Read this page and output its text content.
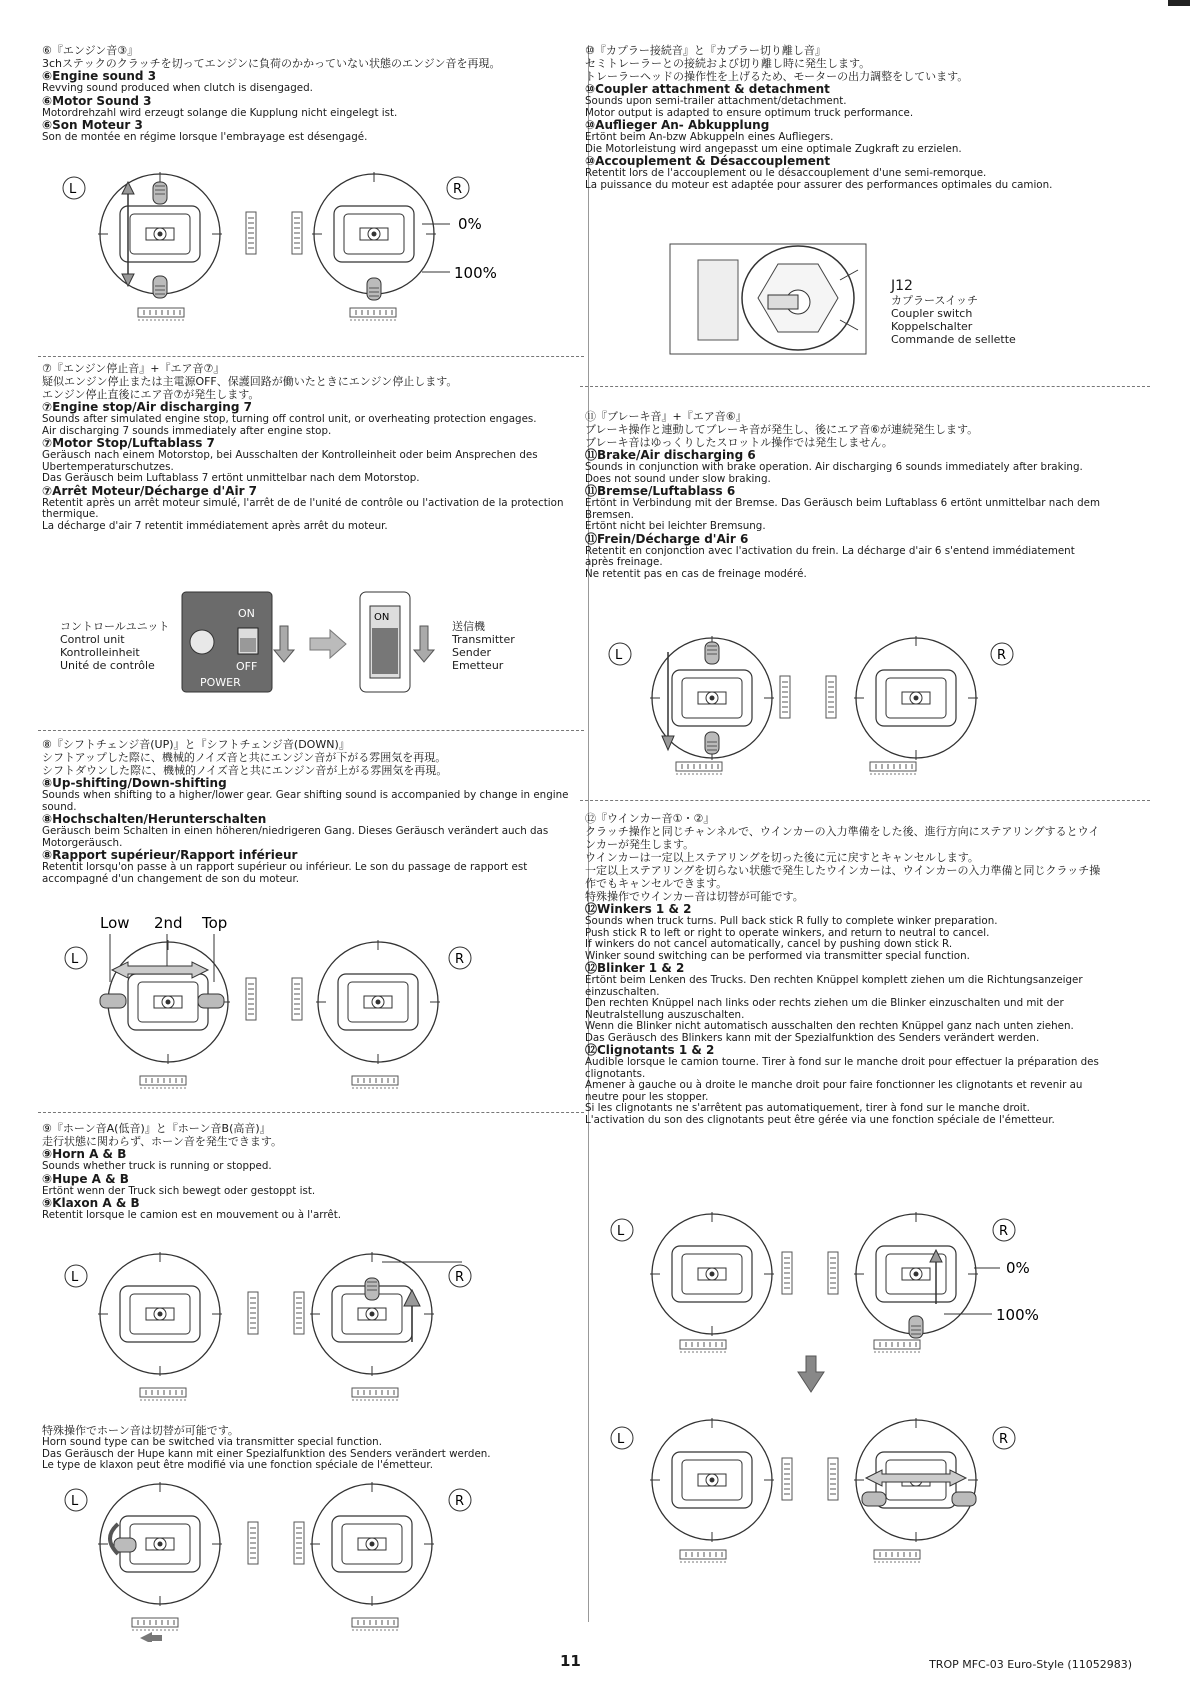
⑥『エンジン音③』

3chステックのクラッチを切ってエンジンに負荷のかかっていない状態のエンジン音を再現。

⑥Engine sound 3

Revving sound produced when clutch is disengaged.

⑥Motor Sound 3

Motordrehzahl wird erzeugt solange die Kupplung nicht eingelegt ist.

⑥Son Moteur 3

Son de montée en régime lorsque l'embrayage est désengagé.

L	R
0%
100%

⑦『エンジン停止音』+『エア音⑦』

疑似エンジン停止または主電源OFF、保護回路が働いたときにエンジン停止します。

エンジン停止直後にエア音⑦が発生します。

⑦Engine stop/Air discharging 7

Sounds after simulated engine stop, turning off control unit, or overheating protection engages.

Air discharging 7 sounds immediately after engine stop.

⑦Motor Stop/Luftablass 7

Geräusch nach einem Motorstop, bei Ausschalten der Kontrolleinheit oder beim Ansprechen des Ubertemperaturschutzes.

Das Geräusch beim Luftablass 7 ertönt unmittelbar nach dem Motorstop.

⑦Arrêt Moteur/Décharge d'Air 7

Retentit après un arrêt moteur simulé, l'arrêt de de l'unité de contrôle ou l'activation de la protection thermique.

La décharge d'air 7 retentit immédiatement après arrêt du moteur.

コントロールユニット
Control unit
Kontrolleinheit
Unité de contrôle
ON
OFF
POWER
ON
送信機
Transmitter
Sender
Emetteur

⑧『シフトチェンジ音(UP)』と『シフトチェンジ音(DOWN)』

シフトアップした際に、機械的ノイズ音と共にエンジン音が下がる雰囲気を再現。

シフトダウンした際に、機械的ノイズ音と共にエンジン音が上がる雰囲気を再現。

⑧Up-shifting/Down-shifting

Sounds when shifting to a higher/lower gear. Gear shifting sound is accompanied by change in engine sound.

⑧Hochschalten/Herunterschalten

Geräusch beim Schalten in einen höheren/niedrigeren Gang. Dieses Geräusch verändert auch das Motorgeräusch.

⑧Rapport supérieur/Rapport inférieur

Retentit lorsqu'on passe à un rapport supérieur ou inférieur. Le son du passage de rapport est accompagné d'un changement de son du moteur.

Low 2nd Top
L	R

⑨『ホーン音A(低音)』と『ホーン音B(高音)』

走行状態に関わらず、ホーン音を発生できます。

⑨Horn A & B

Sounds whether truck is running or stopped.

⑨Hupe A & B

Ertönt wenn der Truck sich bewegt oder gestoppt ist.

⑨Klaxon A & B

Retentit lorsque le camion est en mouvement ou à l'arrêt.

L	R

特殊操作でホーン音は切替が可能です。

Horn sound type can be switched via transmitter special function.

Das Geräusch der Hupe kann mit einer Spezialfunktion des Senders verändert werden.

Le type de klaxon peut être modifié via une fonction spéciale de l'émetteur.

L	R

⑩『カプラー接続音』と『カプラー切り離し音』

セミトレーラーとの接続および切り離し時に発生します。

トレーラーヘッドの操作性を上げるため、モーターの出力調整をしています。

⑩Coupler attachment & detachment

Sounds upon semi-trailer attachment/detachment.

Motor output is adapted to ensure optimum truck performance.

⑩Auflieger An- Abkupplung

Ertönt beim An-bzw Abkuppeln eines Aufliegers.

Die Motorleistung wird angepasst um eine optimale Zugkraft zu erzielen.

⑩Accouplement & Désaccouplement

Retentit lors de l'accouplement ou le désaccouplement d'une semi-remorque.

La puissance du moteur est adaptée pour assurer des performances optimales du camion.

J12
カプラースイッチ
Coupler switch
Koppelschalter
Commande de sellette

⑪『ブレーキ音』+『エア音⑥』

ブレーキ操作と連動してブレーキ音が発生し、後にエア音⑥が連続発生します。

ブレーキ音はゆっくりしたスロットル操作では発生しません。

⑪Brake/Air discharging 6

Sounds in conjunction with brake operation. Air discharging 6 sounds immediately after braking.

Does not sound under slow braking.

⑪Bremse/Luftablass 6

Ertönt in Verbindung mit der Bremse. Das Geräusch beim Luftablass 6 ertönt unmittelbar nach dem Bremsen.

Ertönt nicht bei leichter Bremsung.

⑪Frein/Décharge d'Air 6

Retentit en conjonction avec l'activation du frein. La décharge d'air 6 s'entend immédiatement après freinage.

Ne retentit pas en cas de freinage modéré.

L	R

⑫『ウインカー音①・②』

クラッチ操作と同じチャンネルで、ウインカーの入力準備をした後、進行方向にステアリングするとウインカーが発生します。

ウインカーは一定以上ステアリングを切った後に元に戻すとキャンセルします。

一定以上ステアリングを切らない状態で発生したウインカーは、ウインカーの入力準備と同じクラッチ操作でもキャンセルできます。

特殊操作でウインカー音は切替が可能です。

⑫Winkers 1 & 2

Sounds when truck turns. Pull back stick R fully to complete winker preparation.

Push stick R to left or right to operate winkers, and return to neutral to cancel.

If winkers do not cancel automatically, cancel by pushing down stick R.

Winker sound switching can be performed via transmitter special function.

⑫Blinker 1 & 2

Ertönt beim Lenken des Trucks. Den rechten Knüppel komplett ziehen um die Richtungsanzeiger einzuschalten.

Den rechten Knüppel nach links oder rechts ziehen um die Blinker einzuschalten und mit der Neutralstellung auszuschalten.

Wenn die Blinker nicht automatisch ausschalten den rechten Knüppel ganz nach unten ziehen.

Das Geräusch des Blinkers kann mit der Spezialfunktion des Senders verändert werden.

⑫Clignotants 1 & 2

Audible lorsque le camion tourne. Tirer à fond sur le manche droit pour effectuer la préparation des clignotants.

Amener à gauche ou à droite le manche droit pour faire fonctionner les clignotants et revenir au neutre pour les stopper.

Si les clignotants ne s'arrêtent pas automatiquement, tirer à fond sur le manche droit.

L'activation du son des clignotants peut être gérée via une fonction spéciale de l'émetteur.

L
0%
100%
R
L	R
11	TROP MFC-03 Euro-Style (11052983)
